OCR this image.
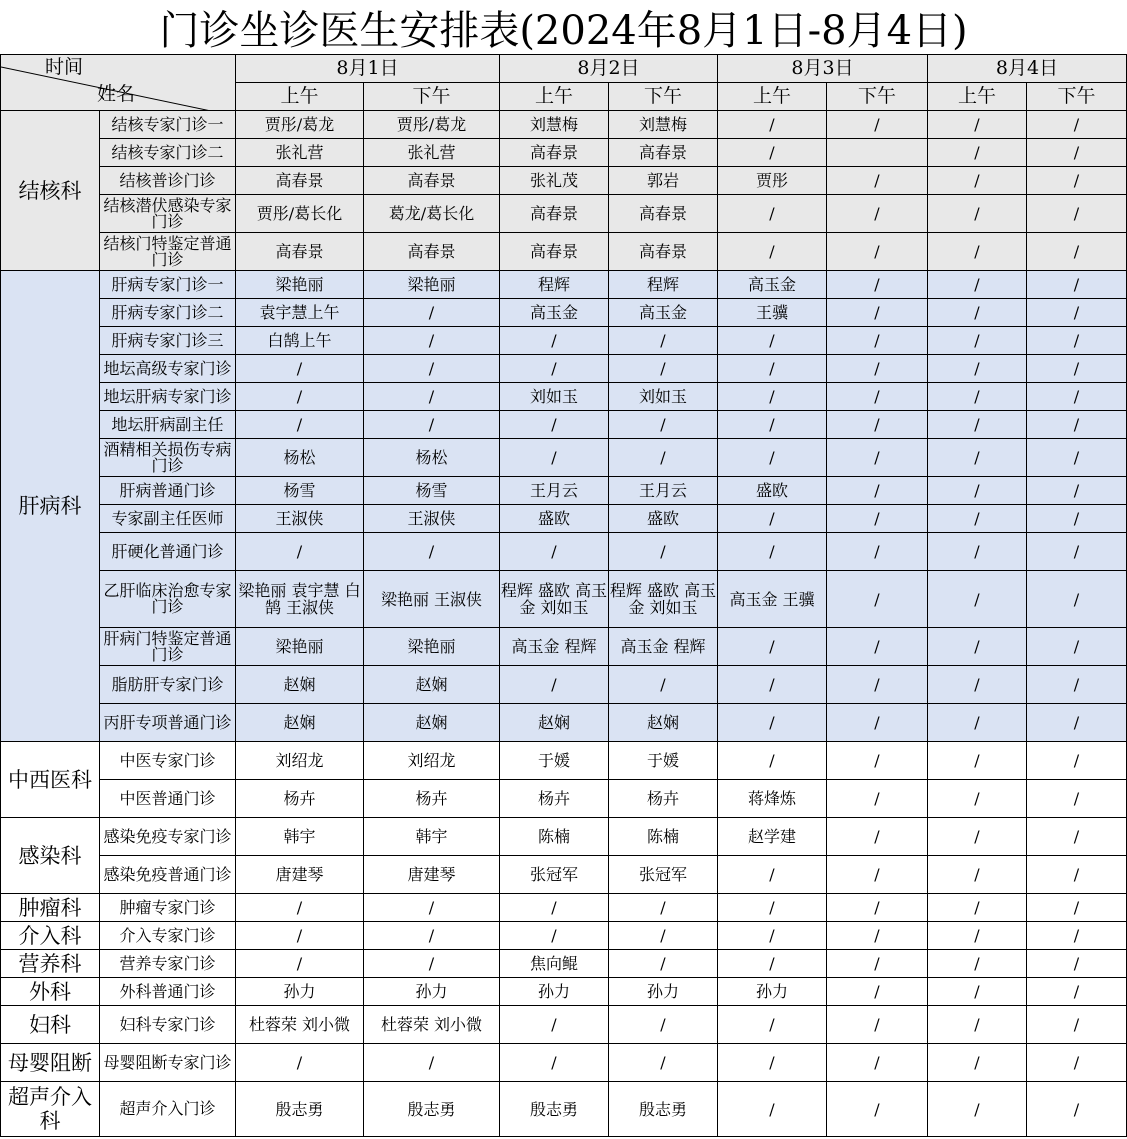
门诊坐诊医生安排表(2024年8月1日-8月4日)
时间
姓名		8月1日		8月2日		8月3日		8月4日	
		上午	下午	上午	下午	上午	下午	上午	下午
结核科	结核专家门诊一	贾彤/葛龙	贾彤/葛龙	刘慧梅	刘慧梅	/	/	/	/
	结核专家门诊二	张礼营	张礼营	高春景	高春景	/		/	/
	结核普诊门诊	高春景	高春景	张礼茂	郭岩	贾彤	/	/	/
	结核潜伏感染专家门诊	贾彤/葛长化	葛龙/葛长化	高春景	高春景	/	/	/	/
	结核门特鉴定普通门诊	高春景	高春景	高春景	高春景	/	/	/	/
肝病科	肝病专家门诊一	梁艳丽	梁艳丽	程辉	程辉	高玉金	/	/	/
	肝病专家门诊二	袁宇慧上午	/	高玉金	高玉金	王骥	/	/	/
	肝病专家门诊三	白鹄上午	/	/	/	/	/	/	/
	地坛高级专家门诊	/	/	/	/	/	/	/	/
	地坛肝病专家门诊	/	/	刘如玉	刘如玉	/	/	/	/
	地坛肝病副主任	/	/	/	/	/	/	/	/
	酒精相关损伤专病门诊	杨松	杨松	/	/	/	/	/	/
	肝病普通门诊	杨雪	杨雪	王月云	王月云	盛欧	/	/	/
	专家副主任医师	王淑侠	王淑侠	盛欧	盛欧	/	/	/	/
	肝硬化普通门诊	/	/	/	/	/	/	/	/
	乙肝临床治愈专家门诊	梁艳丽 袁宇慧 白鹄 王淑侠	梁艳丽 王淑侠	程辉 盛欧 高玉金 刘如玉	程辉 盛欧 高玉金 刘如玉	高玉金 王骥	/	/	/
	肝病门特鉴定普通门诊	梁艳丽	梁艳丽	高玉金 程辉	高玉金 程辉	/	/	/	/
	脂肪肝专家门诊	赵娴	赵娴	/	/	/	/	/	/
	丙肝专项普通门诊	赵娴	赵娴	赵娴	赵娴	/	/	/	/
中西医科	中医专家门诊	刘绍龙	刘绍龙	于媛	于媛	/	/	/	/
	中医普通门诊	杨卉	杨卉	杨卉	杨卉	蒋烽炼	/	/	/
感染科	感染免疫专家门诊	韩宇	韩宇	陈楠	陈楠	赵学建	/	/	/
	感染免疫普通门诊	唐建琴	唐建琴	张冠军	张冠军	/	/	/	/
肿瘤科	肿瘤专家门诊	/	/	/	/	/	/	/	/
介入科	介入专家门诊	/	/	/	/	/	/	/	/
营养科	营养专家门诊	/	/	焦向鲲	/	/	/	/	/
外科	外科普通门诊	孙力	孙力	孙力	孙力	孙力	/	/	/
妇科	妇科专家门诊	杜蓉荣 刘小微	杜蓉荣 刘小微	/	/	/	/	/	/
母婴阻断	母婴阻断专家门诊	/	/	/	/	/	/	/	/
超声介入科	超声介入门诊	殷志勇	殷志勇	殷志勇	殷志勇	/	/	/	/
